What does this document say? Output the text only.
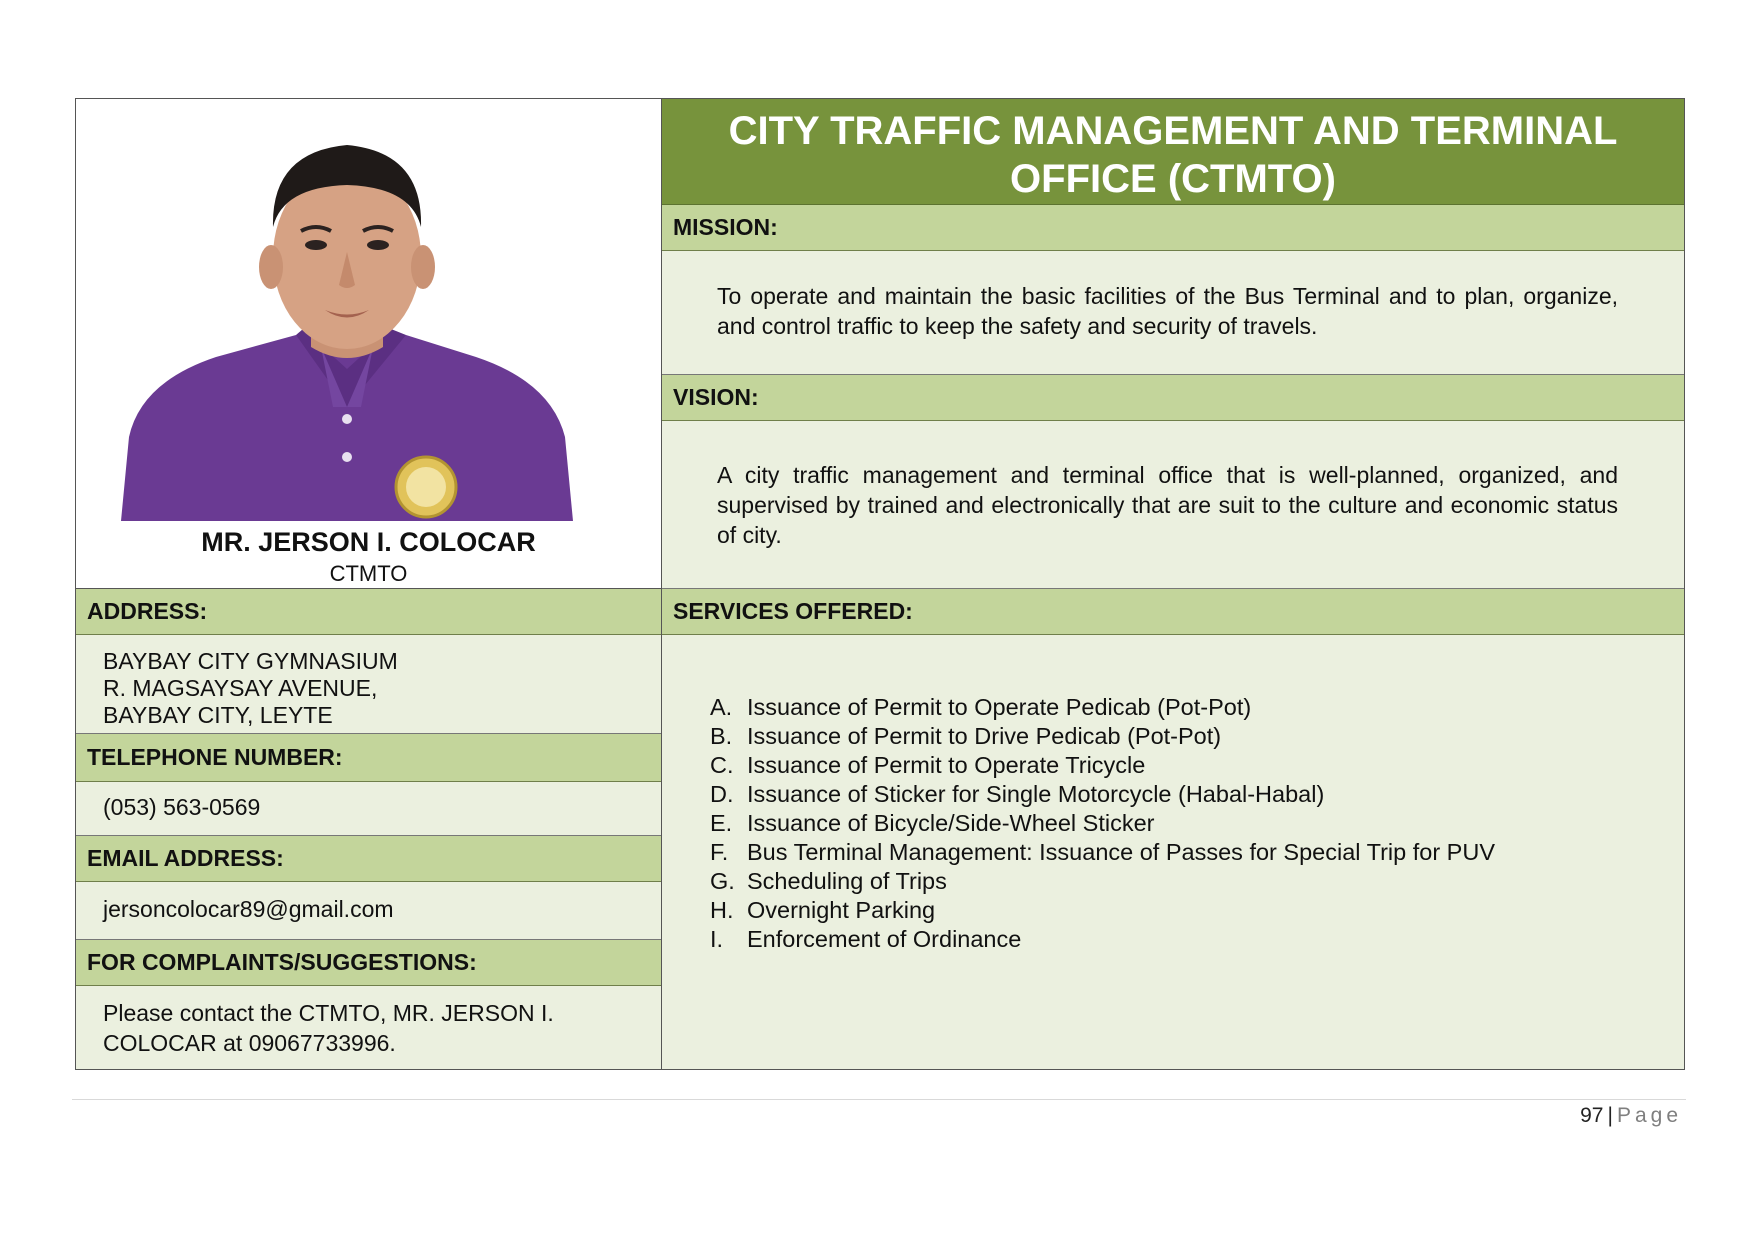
MR. JERSON I. COLOCAR
CTMTO
ADDRESS:
BAYBAY CITY GYMNASIUM
R. MAGSAYSAY AVENUE,
BAYBAY CITY, LEYTE
TELEPHONE NUMBER:
(053) 563-0569
EMAIL ADDRESS:
jersoncolocar89@gmail.com
FOR COMPLAINTS/SUGGESTIONS:
Please contact the CTMTO, MR. JERSON I.
COLOCAR at 09067733996.
CITY TRAFFIC MANAGEMENT AND TERMINAL OFFICE (CTMTO)
MISSION:
To operate and maintain the basic facilities of the Bus Terminal and to plan, organize, and control traffic to keep the safety and security of travels.
VISION:
A city traffic management and terminal office that is well-planned, organized, and supervised by trained and electronically that are suit to the culture and economic status of city.
SERVICES OFFERED:
A. Issuance of Permit to Operate Pedicab (Pot-Pot)
B. Issuance of Permit to Drive Pedicab (Pot-Pot)
C. Issuance of Permit to Operate Tricycle
D. Issuance of Sticker for Single Motorcycle (Habal-Habal)
E. Issuance of Bicycle/Side-Wheel Sticker
F. Bus Terminal Management: Issuance of Passes for Special Trip for PUV
G. Scheduling of Trips
H. Overnight Parking
I.	Enforcement of Ordinance
97 | Page
